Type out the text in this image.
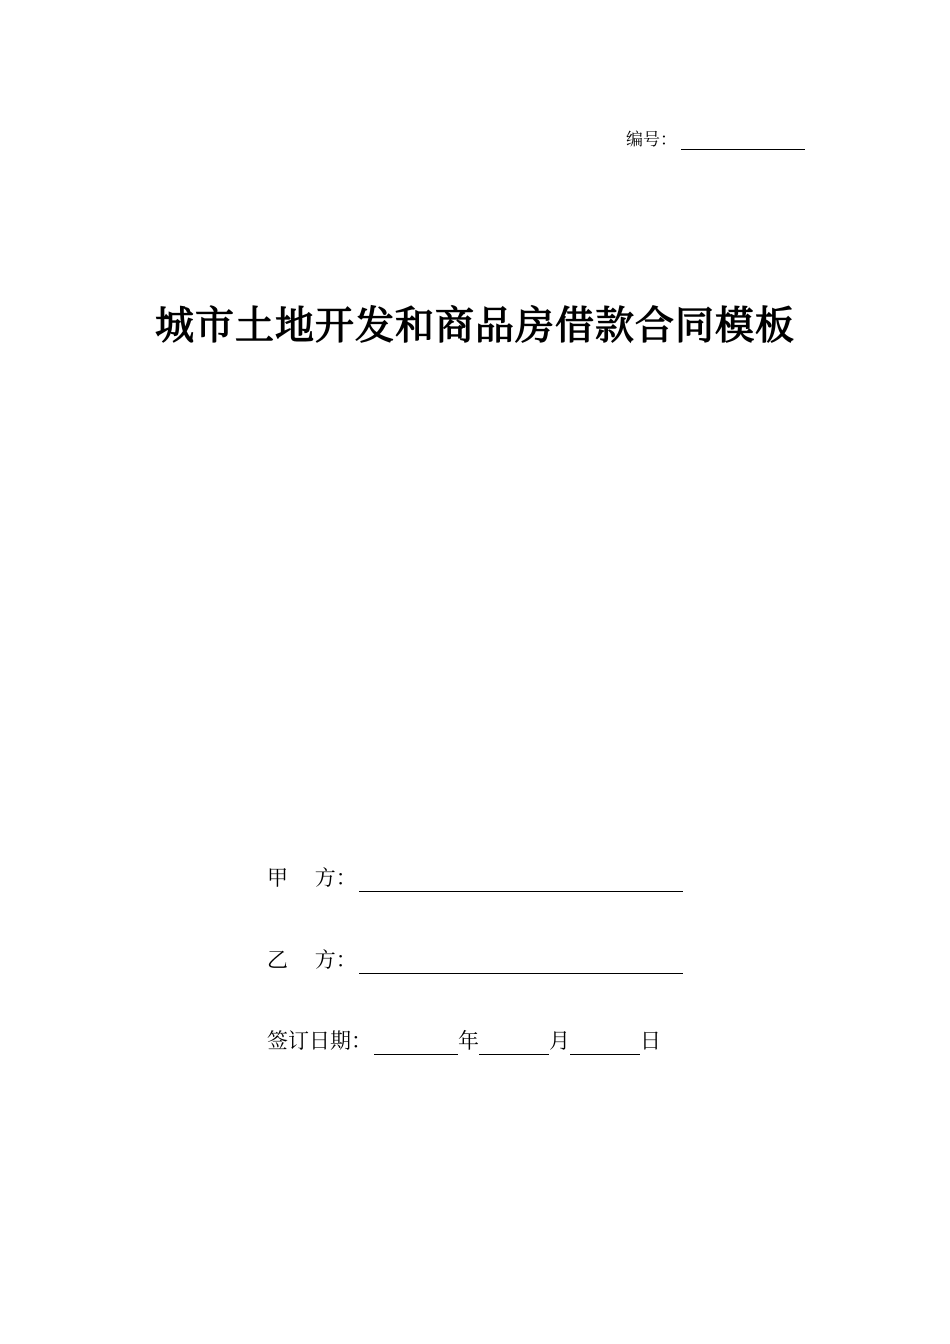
编号：
城市土地开发和商品房借款合同模板
甲    方：
乙    方：
签订日期：	年	月	日
